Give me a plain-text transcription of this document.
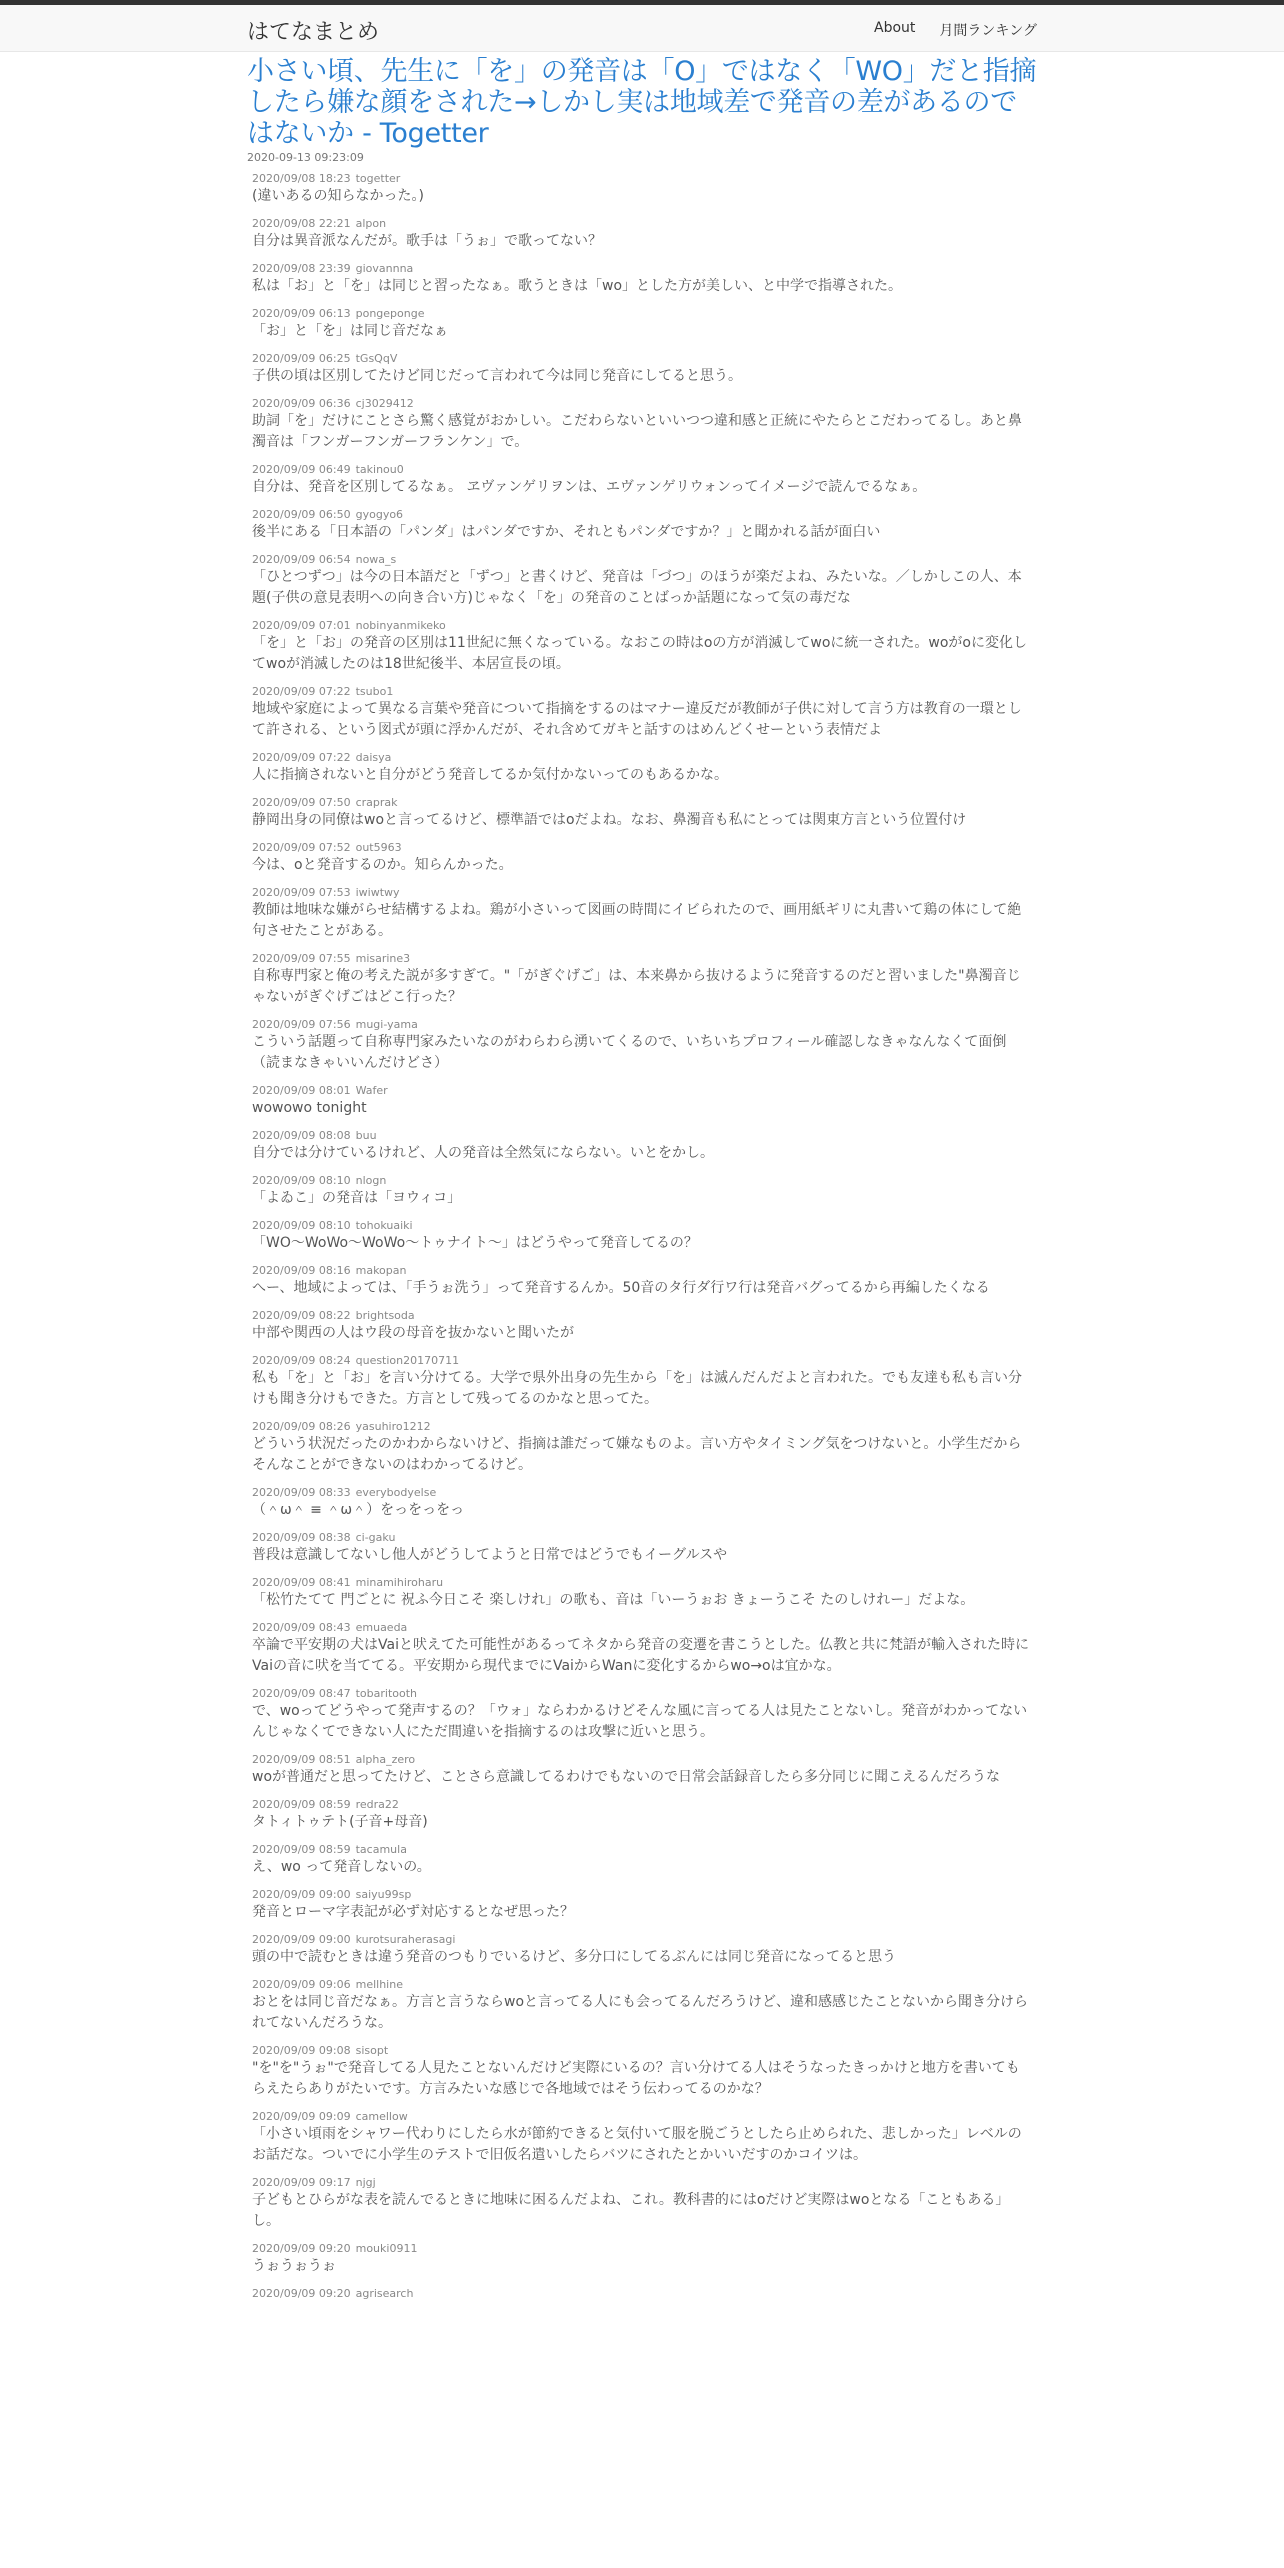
はてなまとめ	About 月間ランキング
小さい頃、先生に「を」の発音は「O」ではなく「WO」だと指摘したら嫌な顔をされた→しかし実は地域差で発音の差があるのではないか - Togetter
2020-09-13 09:23:09
2020/09/08 18:23 togetter
(違いあるの知らなかった。)
2020/09/08 22:21 alpon
自分は異音派なんだが。歌手は「うぉ」で歌ってない？
2020/09/08 23:39 giovannna
私は「お」と「を」は同じと習ったなぁ。歌うときは「wo」とした方が美しい、と中学で指導された。
2020/09/09 06:13 pongeponge
「お」と「を」は同じ音だなぁ
2020/09/09 06:25 tGsQqV
子供の頃は区別してたけど同じだって言われて今は同じ発音にしてると思う。
2020/09/09 06:36 cj3029412
助詞「を」だけにことさら驚く感覚がおかしい。こだわらないといいつつ違和感と正統にやたらとこだわってるし。あと鼻濁音は「フンガーフンガーフランケン」で。
2020/09/09 06:49 takinou0
自分は、発音を区別してるなぁ。 ヱヴァンゲリヲンは、エヴァンゲリウォンってイメージで読んでるなぁ。
2020/09/09 06:50 gyogyo6
後半にある「日本語の「パンダ」はパンダですか、それともパンダですか？」と聞かれる話が面白い
2020/09/09 06:54 nowa_s
「ひとつずつ」は今の日本語だと「ずつ」と書くけど、発音は「づつ」のほうが楽だよね、みたいな。／しかしこの人、本題(子供の意見表明への向き合い方)じゃなく「を」の発音のことばっか話題になって気の毒だな
2020/09/09 07:01 nobinyanmikeko
「を」と「お」の発音の区別は11世紀に無くなっている。なおこの時はoの方が消滅してwoに統一された。woがoに変化してwoが消滅したのは18世紀後半、本居宣長の頃。
2020/09/09 07:22 tsubo1
地域や家庭によって異なる言葉や発音について指摘をするのはマナー違反だが教師が子供に対して言う方は教育の一環として許される、という図式が頭に浮かんだが、それ含めてガキと話すのはめんどくせーという表情だよ
2020/09/09 07:22 daisya
人に指摘されないと自分がどう発音してるか気付かないってのもあるかな。
2020/09/09 07:50 craprak
静岡出身の同僚はwoと言ってるけど、標準語ではoだよね。なお、鼻濁音も私にとっては関東方言という位置付け
2020/09/09 07:52 out5963
今は、oと発音するのか。知らんかった。
2020/09/09 07:53 iwiwtwy
教師は地味な嫌がらせ結構するよね。鶏が小さいって図画の時間にイビられたので、画用紙ギリに丸書いて鶏の体にして絶句させたことがある。
2020/09/09 07:55 misarine3
自称専門家と俺の考えた説が多すぎて。"「がぎぐげご」は、本来鼻から抜けるように発音するのだと習いました"鼻濁音じゃないがぎぐげごはどこ行った？
2020/09/09 07:56 mugi-yama
こういう話題って自称専門家みたいなのがわらわら湧いてくるので、いちいちプロフィール確認しなきゃなんなくて面倒（読まなきゃいいんだけどさ）
2020/09/09 08:01 Wafer
wowowo tonight
2020/09/09 08:08 buu
自分では分けているけれど、人の発音は全然気にならない。いとをかし。
2020/09/09 08:10 nlogn
「よゐこ」の発音は「ヨウィコ」
2020/09/09 08:10 tohokuaiki
「WO〜WoWo〜WoWo〜トゥナイト〜」はどうやって発音してるの？
2020/09/09 08:16 makopan
へー、地域によっては、「手うぉ洗う」って発音するんか。50音のタ行ダ行ワ行は発音バグってるから再編したくなる
2020/09/09 08:22 brightsoda
中部や関西の人はウ段の母音を抜かないと聞いたが
2020/09/09 08:24 question20170711
私も「を」と「お」を言い分けてる。大学で県外出身の先生から「を」は滅んだんだよと言われた。でも友達も私も言い分けも聞き分けもできた。方言として残ってるのかなと思ってた。
2020/09/09 08:26 yasuhiro1212
どういう状況だったのかわからないけど、指摘は誰だって嫌なものよ。言い方やタイミング気をつけないと。小学生だからそんなことができないのはわかってるけど。
2020/09/09 08:33 everybodyelse
（＾ω＾ ≡ ＾ω＾）をっをっをっ
2020/09/09 08:38 ci-gaku
普段は意識してないし他人がどうしてようと日常ではどうでもイーグルスや
2020/09/09 08:41 minamihiroharu
「松竹たてて 門ごとに 祝ふ今日こそ 楽しけれ」の歌も、音は「いーうぉお きょーうこそ たのしけれー」だよな。
2020/09/09 08:43 emuaeda
卒論で平安期の犬はVaiと吠えてた可能性があるってネタから発音の変遷を書こうとした。仏教と共に梵語が輸入された時にVaiの音に吠を当ててる。平安期から現代までにVaiからWanに変化するからwo→oは宜かな。
2020/09/09 08:47 tobaritooth
で、woってどうやって発声するの？「ウォ」ならわかるけどそんな風に言ってる人は見たことないし。発音がわかってないんじゃなくてできない人にただ間違いを指摘するのは攻撃に近いと思う。
2020/09/09 08:51 alpha_zero
woが普通だと思ってたけど、ことさら意識してるわけでもないので日常会話録音したら多分同じに聞こえるんだろうな
2020/09/09 08:59 redra22
タトィトゥテト(子音+母音)
2020/09/09 08:59 tacamula
え、wo って発音しないの。
2020/09/09 09:00 saiyu99sp
発音とローマ字表記が必ず対応するとなぜ思った？
2020/09/09 09:00 kurotsuraherasagi
頭の中で読むときは違う発音のつもりでいるけど、多分口にしてるぶんには同じ発音になってると思う
2020/09/09 09:06 mellhine
おとをは同じ音だなぁ。方言と言うならwoと言ってる人にも会ってるんだろうけど、違和感感じたことないから聞き分けられてないんだろうな。
2020/09/09 09:08 sisopt
"を"を"うぉ"で発音してる人見たことないんだけど実際にいるの？言い分けてる人はそうなったきっかけと地方を書いてもらえたらありがたいです。方言みたいな感じで各地域ではそう伝わってるのかな？
2020/09/09 09:09 camellow
「小さい頃雨をシャワー代わりにしたら水が節約できると気付いて服を脱ごうとしたら止められた、悲しかった」レベルのお話だな。ついでに小学生のテストで旧仮名遣いしたらバツにされたとかいいだすのかコイツは。
2020/09/09 09:17 njgj
子どもとひらがな表を読んでるときに地味に困るんだよね、これ。教科書的にはoだけど実際はwoとなる「こともある」し。
2020/09/09 09:20 mouki0911
うぉうぉうぉ
2020/09/09 09:20 agrisearch
